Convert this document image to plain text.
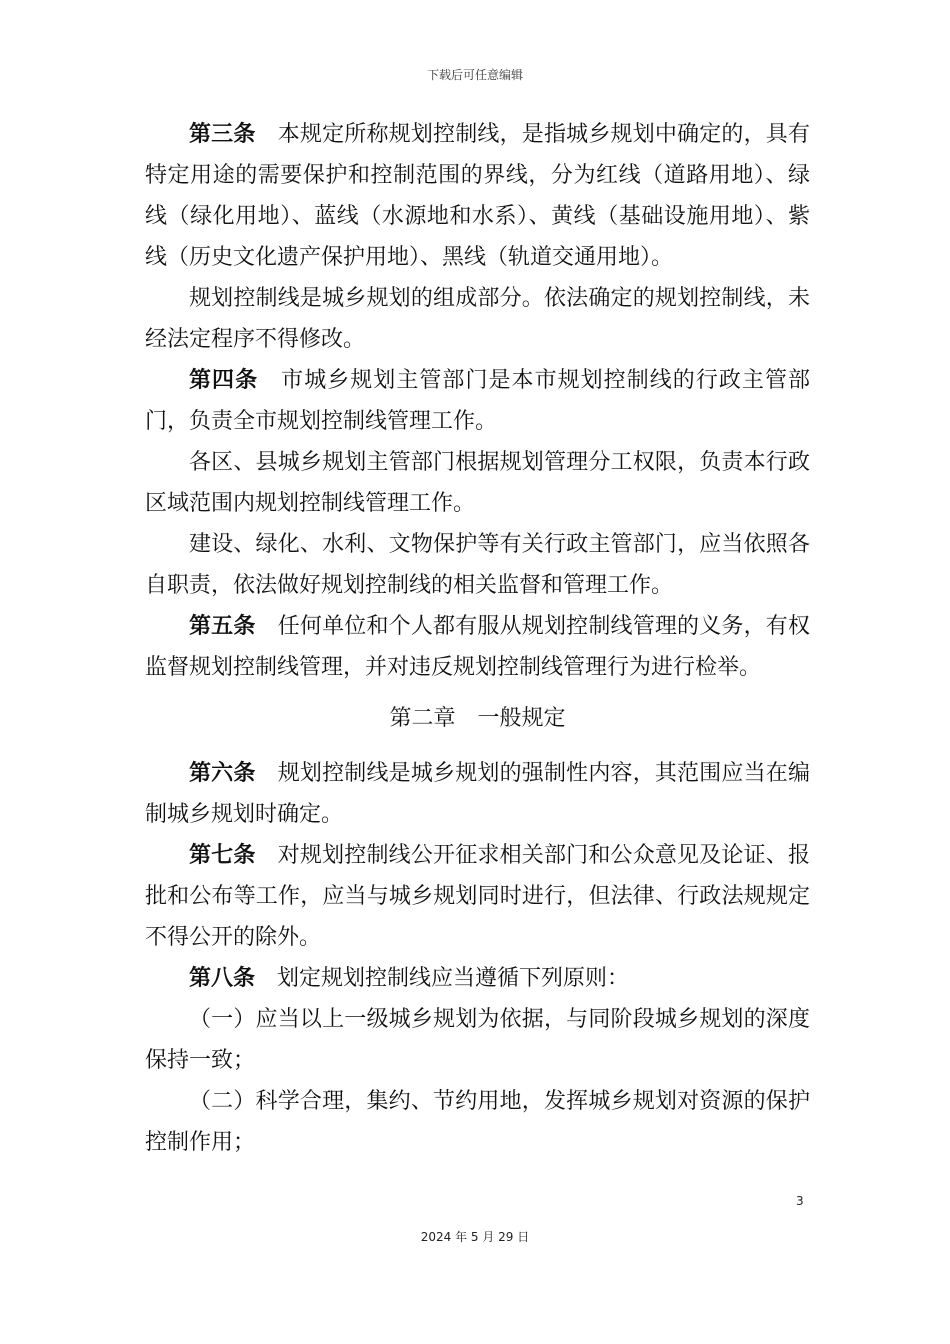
下载后可任意编辑

第三条 本规定所称规划控制线，是指城乡规划中确定的，具有特定用途的需要保护和控制范围的界线，分为红线（道路用地）、绿线（绿化用地）、蓝线（水源地和水系）、黄线（基础设施用地）、紫线（历史文化遗产保护用地）、黑线（轨道交通用地）。

规划控制线是城乡规划的组成部分。依法确定的规划控制线，未经法定程序不得修改。

第四条 市城乡规划主管部门是本市规划控制线的行政主管部门，负责全市规划控制线管理工作。

各区、县城乡规划主管部门根据规划管理分工权限，负责本行政区域范围内规划控制线管理工作。

建设、绿化、水利、文物保护等有关行政主管部门，应当依照各自职责，依法做好规划控制线的相关监督和管理工作。

第五条 任何单位和个人都有服从规划控制线管理的义务，有权监督规划控制线管理，并对违反规划控制线管理行为进行检举。

第二章 一般规定

第六条 规划控制线是城乡规划的强制性内容，其范围应当在编制城乡规划时确定。

第七条 对规划控制线公开征求相关部门和公众意见及论证、报批和公布等工作，应当与城乡规划同时进行，但法律、行政法规规定不得公开的除外。

第八条 划定规划控制线应当遵循下列原则：

（一）应当以上一级城乡规划为依据，与同阶段城乡规划的深度保持一致；

（二）科学合理，集约、节约用地，发挥城乡规划对资源的保护控制作用；

3
2024 年 5 月 29 日
